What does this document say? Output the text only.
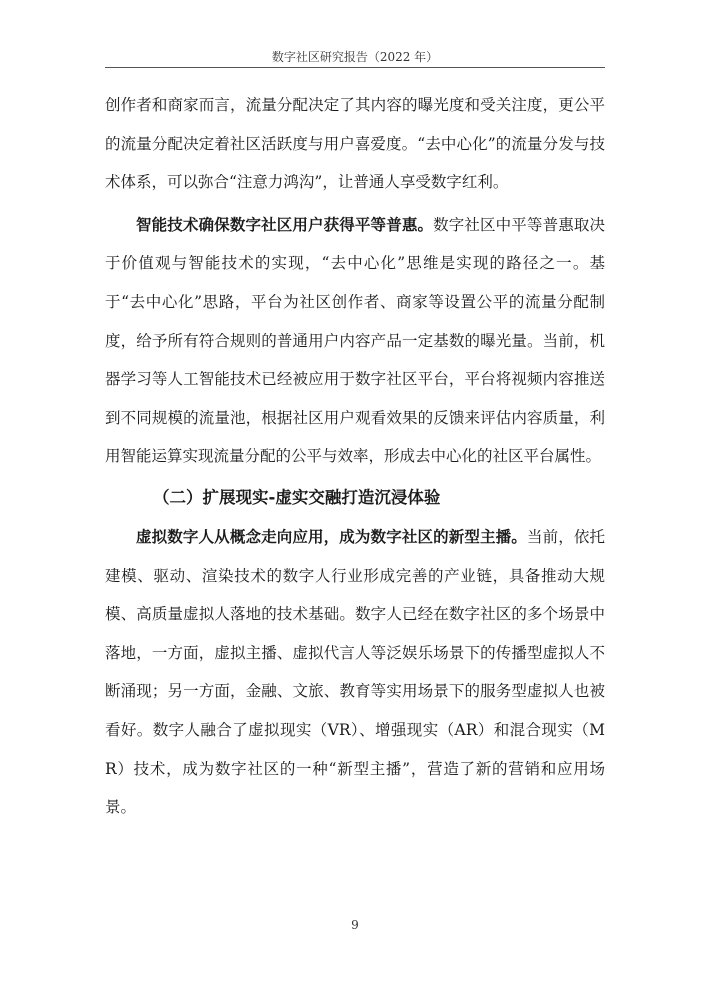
数字社区研究报告（2022 年）

创作者和商家而言，流量分配决定了其内容的曝光度和受关注度，更公平的流量分配决定着社区活跃度与用户喜爱度。“去中心化”的流量分发与技术体系，可以弥合“注意力鸿沟”，让普通人享受数字红利。

智能技术确保数字社区用户获得平等普惠。数字社区中平等普惠取决于价值观与智能技术的实现，“去中心化”思维是实现的路径之一。基于“去中心化”思路，平台为社区创作者、商家等设置公平的流量分配制度，给予所有符合规则的普通用户内容产品一定基数的曝光量。当前，机器学习等人工智能技术已经被应用于数字社区平台，平台将视频内容推送到不同规模的流量池，根据社区用户观看效果的反馈来评估内容质量，利用智能运算实现流量分配的公平与效率，形成去中心化的社区平台属性。

（二）扩展现实-虚实交融打造沉浸体验

虚拟数字人从概念走向应用，成为数字社区的新型主播。当前，依托建模、驱动、渲染技术的数字人行业形成完善的产业链，具备推动大规模、高质量虚拟人落地的技术基础。数字人已经在数字社区的多个场景中落地，一方面，虚拟主播、虚拟代言人等泛娱乐场景下的传播型虚拟人不断涌现；另一方面，金融、文旅、教育等实用场景下的服务型虚拟人也被看好。数字人融合了虚拟现实（VR）、增强现实（AR）和混合现实（MR）技术，成为数字社区的一种“新型主播”，营造了新的营销和应用场景。

9
